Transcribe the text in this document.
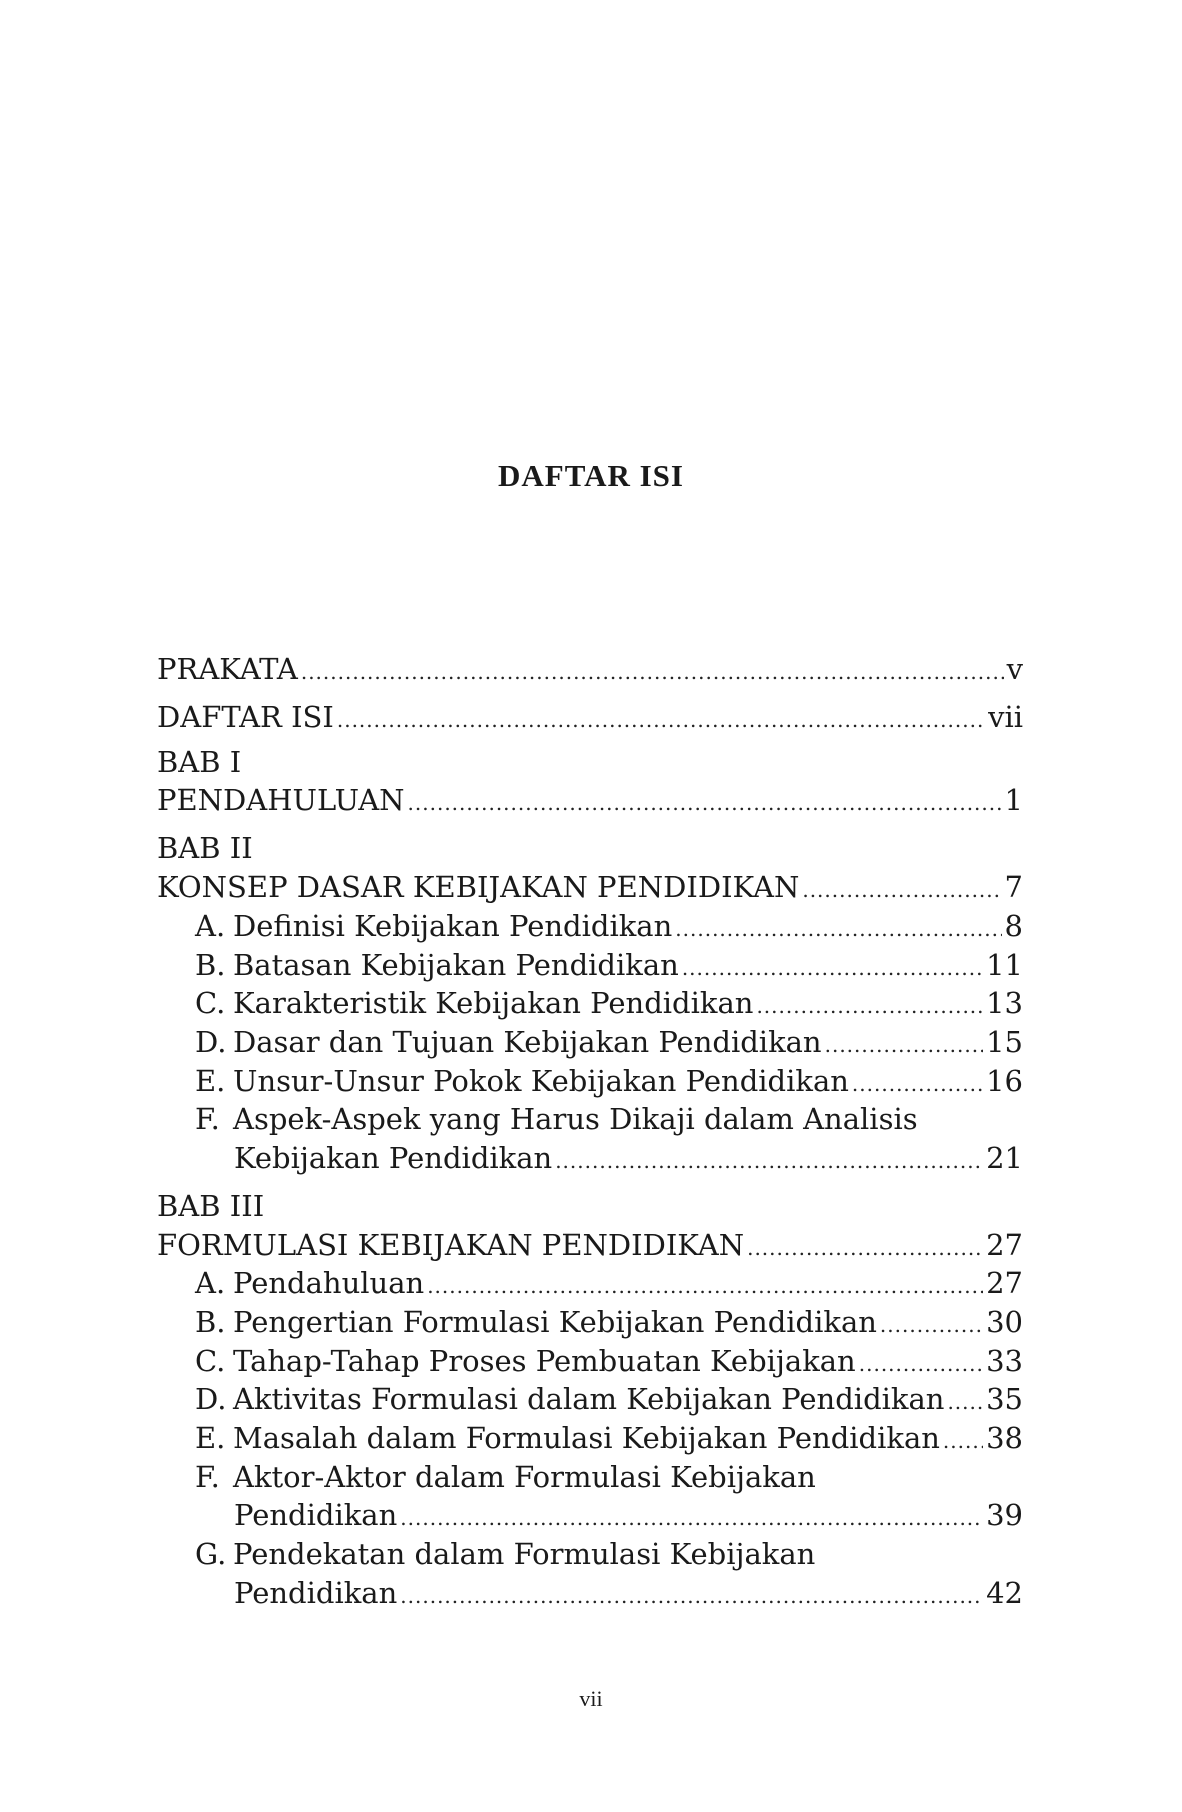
DAFTAR ISI
PRAKATA .....	v
DAFTAR ISI .....	vii
BAB I
PENDAHULUAN .....	1
BAB II
KONSEP DASAR KEBIJAKAN PENDIDIKAN .....	7
A. Definisi Kebijakan Pendidikan .....	8
B. Batasan Kebijakan Pendidikan .....	11
C. Karakteristik Kebijakan Pendidikan .....	13
D. Dasar dan Tujuan Kebijakan Pendidikan .....	15
E. Unsur-Unsur Pokok Kebijakan Pendidikan .....	16
F. Aspek-Aspek yang Harus Dikaji dalam Analisis
Kebijakan Pendidikan .....	21
BAB III
FORMULASI KEBIJAKAN PENDIDIKAN .....	27
A. Pendahuluan .....	27
B. Pengertian Formulasi Kebijakan Pendidikan .....	30
C. Tahap-Tahap Proses Pembuatan Kebijakan .....	33
D. Aktivitas Formulasi dalam Kebijakan Pendidikan ..... 35
E. Masalah dalam Formulasi Kebijakan Pendidikan ..... 38
F. Aktor-Aktor dalam Formulasi Kebijakan
Pendidikan .....	39
G. Pendekatan dalam Formulasi Kebijakan
Pendidikan .....	42
vii
